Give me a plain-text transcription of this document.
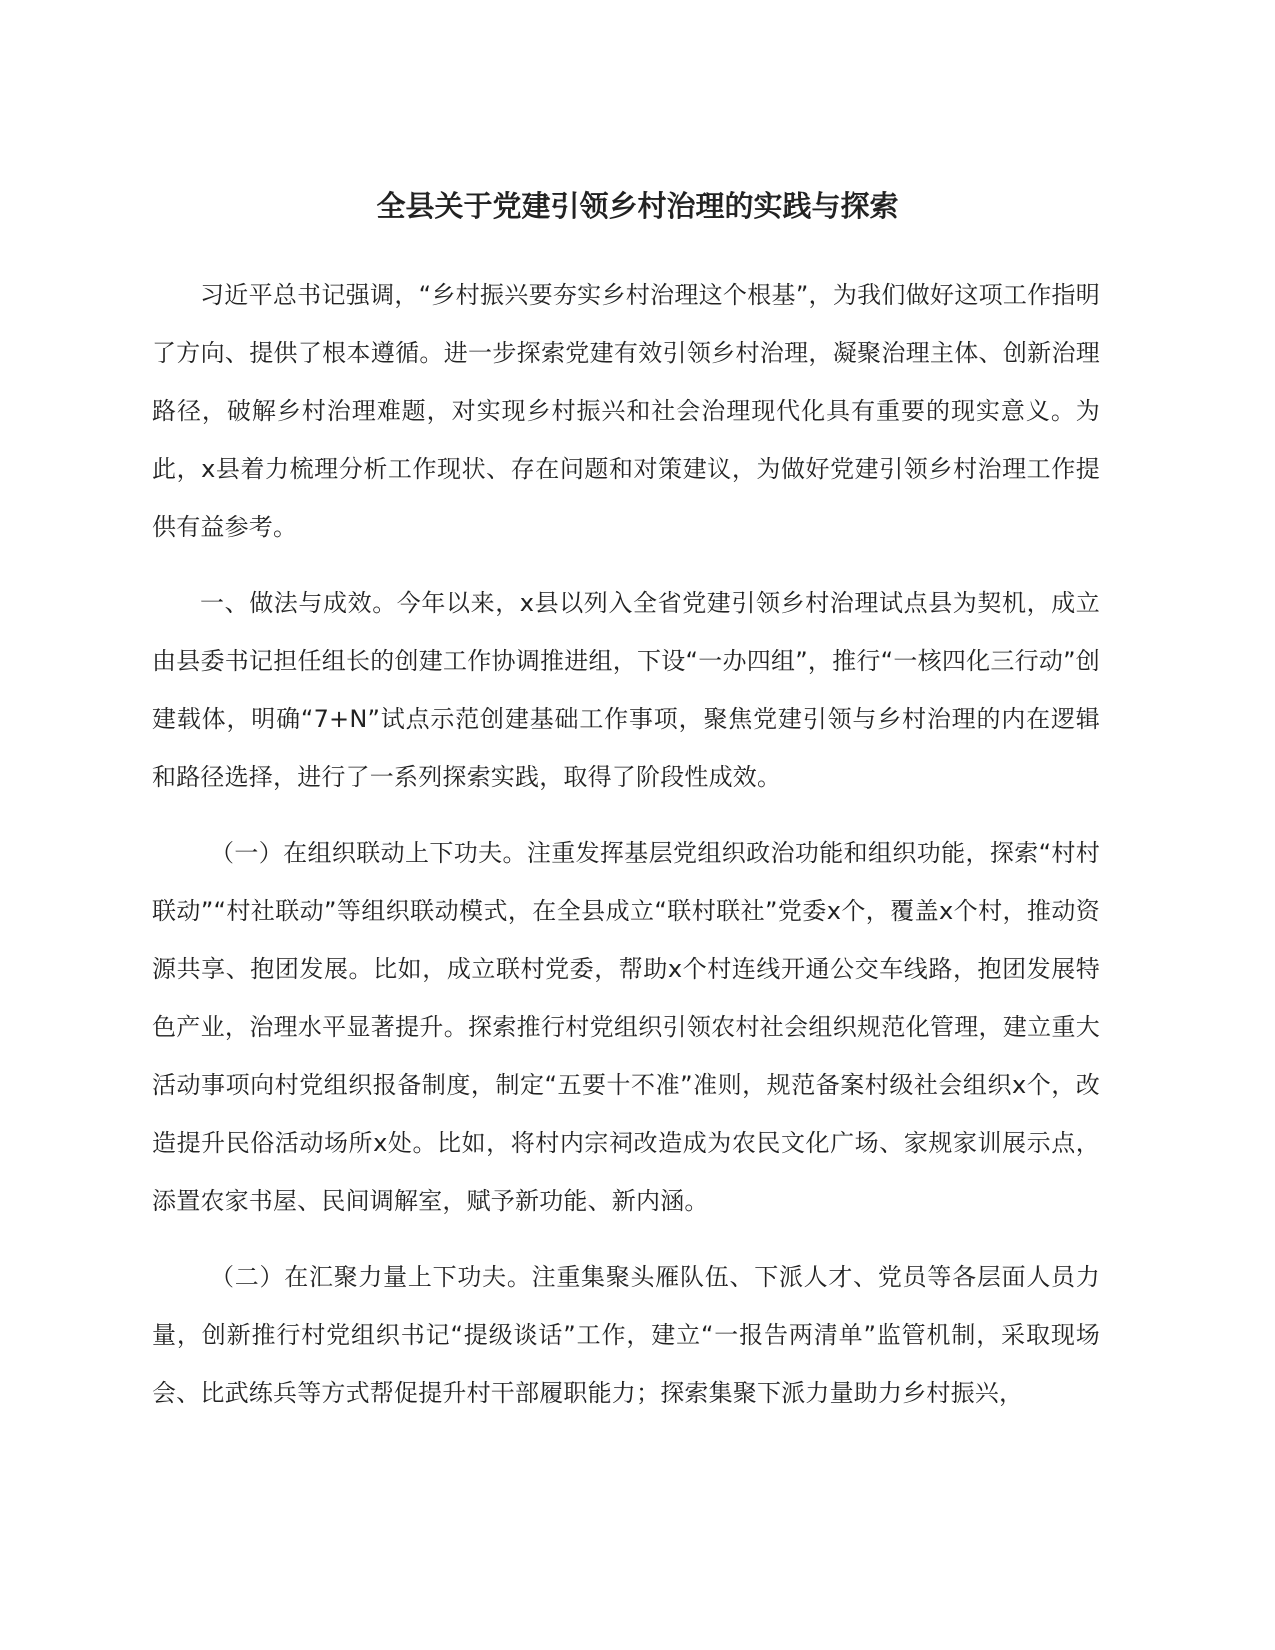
全县关于党建引领乡村治理的实践与探索

习近平总书记强调，“乡村振兴要夯实乡村治理这个根基”，为我们做好这项工作指明了方向、提供了根本遵循。进一步探索党建有效引领乡村治理，凝聚治理主体、创新治理路径，破解乡村治理难题，对实现乡村振兴和社会治理现代化具有重要的现实意义。为此，x县着力梳理分析工作现状、存在问题和对策建议，为做好党建引领乡村治理工作提供有益参考。

一、做法与成效。今年以来，x县以列入全省党建引领乡村治理试点县为契机，成立由县委书记担任组长的创建工作协调推进组，下设“一办四组”，推行“一核四化三行动”创建载体，明确“7+N”试点示范创建基础工作事项，聚焦党建引领与乡村治理的内在逻辑和路径选择，进行了一系列探索实践，取得了阶段性成效。

（一）在组织联动上下功夫。注重发挥基层党组织政治功能和组织功能，探索“村村联动”“村社联动”等组织联动模式，在全县成立“联村联社”党委x个，覆盖x个村，推动资源共享、抱团发展。比如，成立联村党委，帮助x个村连线开通公交车线路，抱团发展特色产业，治理水平显著提升。探索推行村党组织引领农村社会组织规范化管理，建立重大活动事项向村党组织报备制度，制定“五要十不准”准则，规范备案村级社会组织x个，改造提升民俗活动场所x处。比如，将村内宗祠改造成为农民文化广场、家规家训展示点，添置农家书屋、民间调解室，赋予新功能、新内涵。

（二）在汇聚力量上下功夫。注重集聚头雁队伍、下派人才、党员等各层面人员力量，创新推行村党组织书记“提级谈话”工作，建立“一报告两清单”监管机制，采取现场会、比武练兵等方式帮促提升村干部履职能力；探索集聚下派力量助力乡村振兴，
